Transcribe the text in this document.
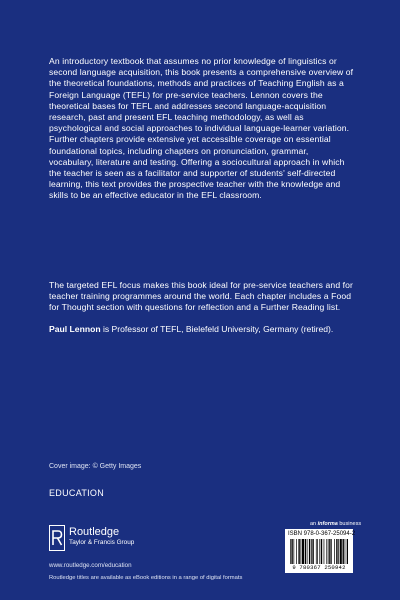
An introductory textbook that assumes no prior knowledge of linguistics or second language acquisition, this book presents a comprehensive overview of the theoretical foundations, methods and practices of Teaching English as a Foreign Language (TEFL) for pre-service teachers. Lennon covers the theoretical bases for TEFL and addresses second language-acquisition research, past and present EFL teaching methodology, as well as psychological and social approaches to individual language-learner variation. Further chapters provide extensive yet accessible coverage on essential foundational topics, including chapters on pronunciation, grammar, vocabulary, literature and testing. Offering a sociocultural approach in which the teacher is seen as a facilitator and supporter of students' self-directed learning, this text provides the prospective teacher with the knowledge and skills to be an effective educator in the EFL classroom.

The targeted EFL focus makes this book ideal for pre-service teachers and for teacher training programmes around the world. Each chapter includes a Food for Thought section with questions for reflection and a Further Reading list.

Paul Lennon is Professor of TEFL, Bielefeld University, Germany (retired).

Cover image: © Getty Images

EDUCATION

Routledge
Taylor & Francis Group

www.routledge.com/education

Routledge titles are available as eBook editions in a range of digital formats

an informa business

ISBN 978-0-367-25094-2
9 780367 250942
